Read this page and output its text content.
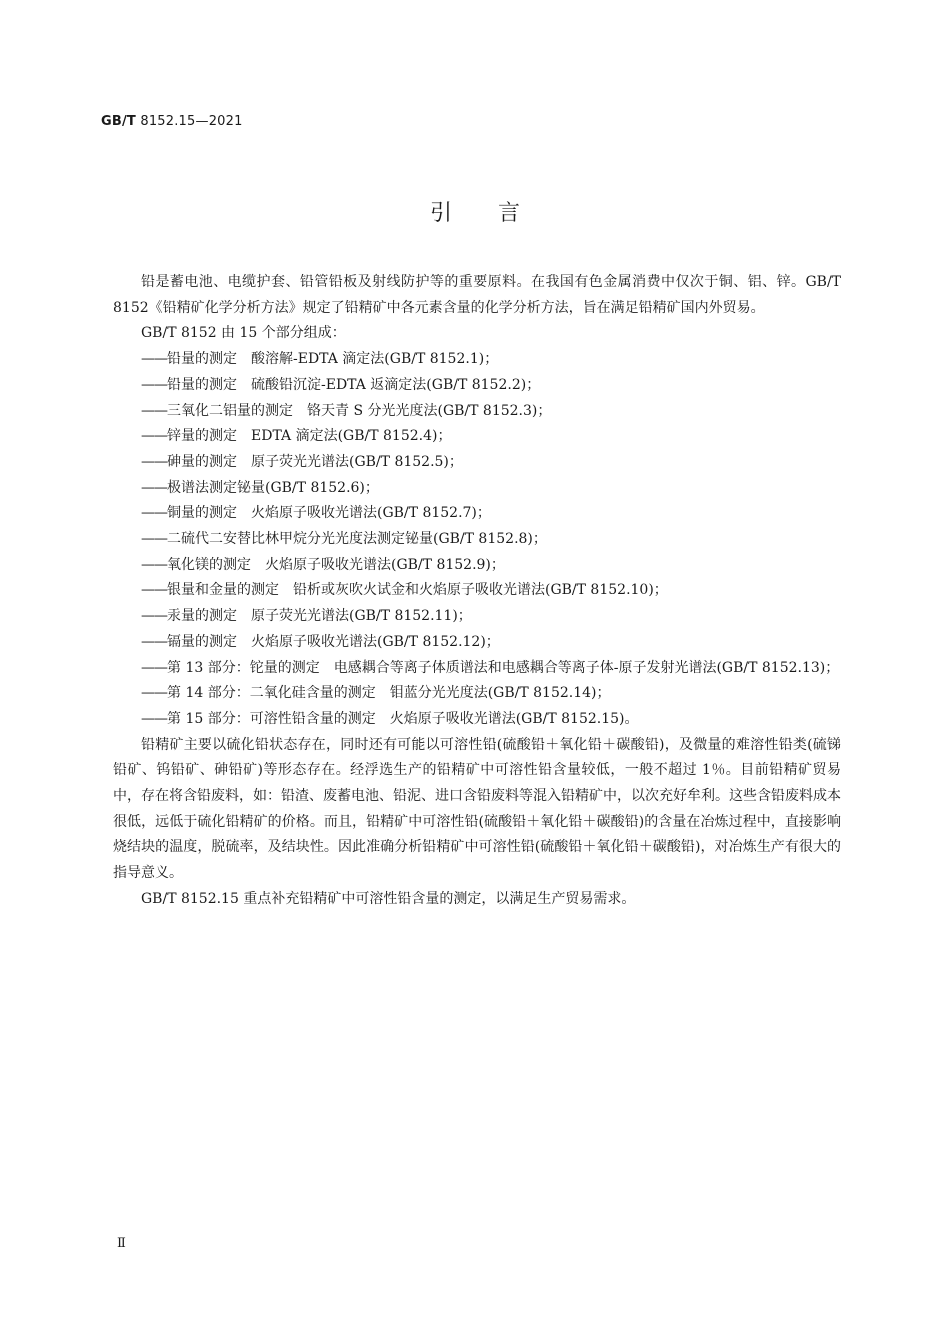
GB/T 8152.15—2021
引言

铅是蓄电池、电缆护套、铅管铅板及射线防护等的重要原料。在我国有色金属消费中仅次于铜、铝、锌。GB/T 8152《铅精矿化学分析方法》规定了铅精矿中各元素含量的化学分析方法，旨在满足铅精矿国内外贸易。

GB/T 8152 由 15 个部分组成：

——铅量的测定　酸溶解-EDTA 滴定法(GB/T 8152.1)；
——铅量的测定　硫酸铅沉淀-EDTA 返滴定法(GB/T 8152.2)；
——三氧化二铝量的测定　铬天青 S 分光光度法(GB/T 8152.3)；
——锌量的测定　EDTA 滴定法(GB/T 8152.4)；
——砷量的测定　原子荧光光谱法(GB/T 8152.5)；
——极谱法测定铋量(GB/T 8152.6)；
——铜量的测定　火焰原子吸收光谱法(GB/T 8152.7)；
——二硫代二安替比林甲烷分光光度法测定铋量(GB/T 8152.8)；
——氧化镁的测定　火焰原子吸收光谱法(GB/T 8152.9)；
——银量和金量的测定　铅析或灰吹火试金和火焰原子吸收光谱法(GB/T 8152.10)；
——汞量的测定　原子荧光光谱法(GB/T 8152.11)；
——镉量的测定　火焰原子吸收光谱法(GB/T 8152.12)；
——第 13 部分：铊量的测定　电感耦合等离子体质谱法和电感耦合等离子体-原子发射光谱法(GB/T 8152.13)；
——第 14 部分：二氧化硅含量的测定　钼蓝分光光度法(GB/T 8152.14)；
——第 15 部分：可溶性铅含量的测定　火焰原子吸收光谱法(GB/T 8152.15)。

铅精矿主要以硫化铅状态存在，同时还有可能以可溶性铅(硫酸铅＋氧化铅＋碳酸铅)，及微量的难溶性铅类(硫锑铅矿、钨铅矿、砷铅矿)等形态存在。经浮选生产的铅精矿中可溶性铅含量较低，一般不超过 1％。目前铅精矿贸易中，存在将含铅废料，如：铅渣、废蓄电池、铅泥、进口含铅废料等混入铅精矿中，以次充好牟利。这些含铅废料成本很低，远低于硫化铅精矿的价格。而且，铅精矿中可溶性铅(硫酸铅＋氧化铅＋碳酸铅)的含量在冶炼过程中，直接影响烧结块的温度，脱硫率，及结块性。因此准确分析铅精矿中可溶性铅(硫酸铅＋氧化铅＋碳酸铅)，对冶炼生产有很大的指导意义。

GB/T 8152.15 重点补充铅精矿中可溶性铅含量的测定，以满足生产贸易需求。

Ⅱ
